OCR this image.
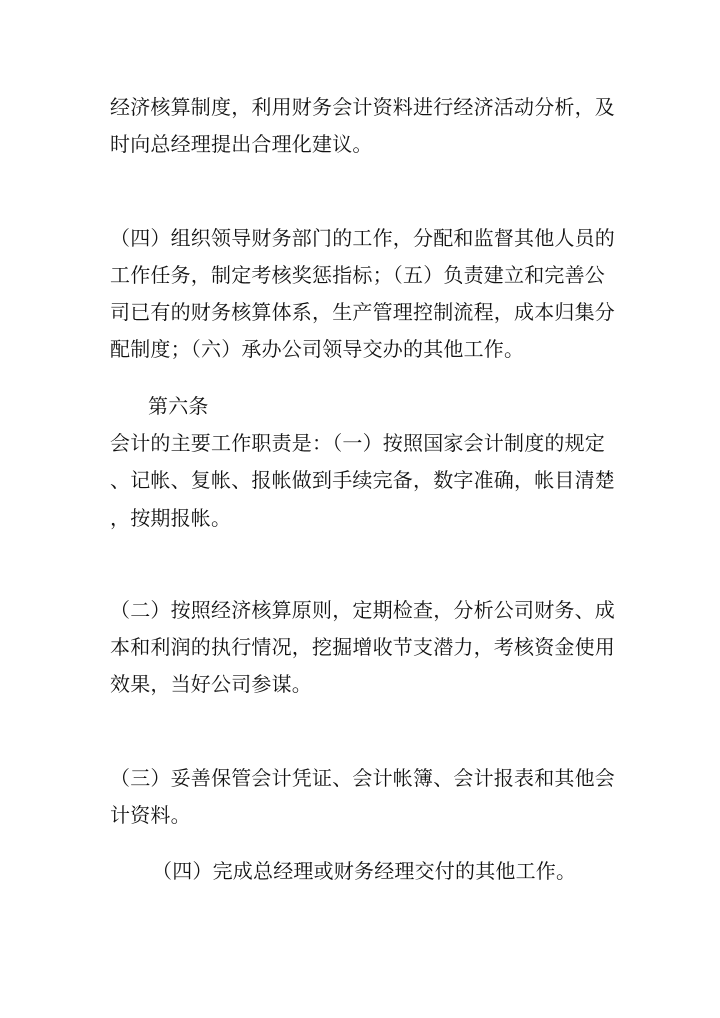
经济核算制度，利用财务会计资料进行经济活动分析，及
时向总经理提出合理化建议。
（四）组织领导财务部门的工作，分配和监督其他人员的
工作任务，制定考核奖惩指标；（五）负责建立和完善公
司已有的财务核算体系，生产管理控制流程，成本归集分
配制度；（六）承办公司领导交办的其他工作。
第六条
会计的主要工作职责是：（一）按照国家会计制度的规定
、记帐、复帐、报帐做到手续完备，数字准确，帐目清楚
，按期报帐。
（二）按照经济核算原则，定期检查，分析公司财务、成
本和利润的执行情况，挖掘增收节支潜力，考核资金使用
效果，当好公司参谋。
（三）妥善保管会计凭证、会计帐簿、会计报表和其他会
计资料。
（四）完成总经理或财务经理交付的其他工作。
